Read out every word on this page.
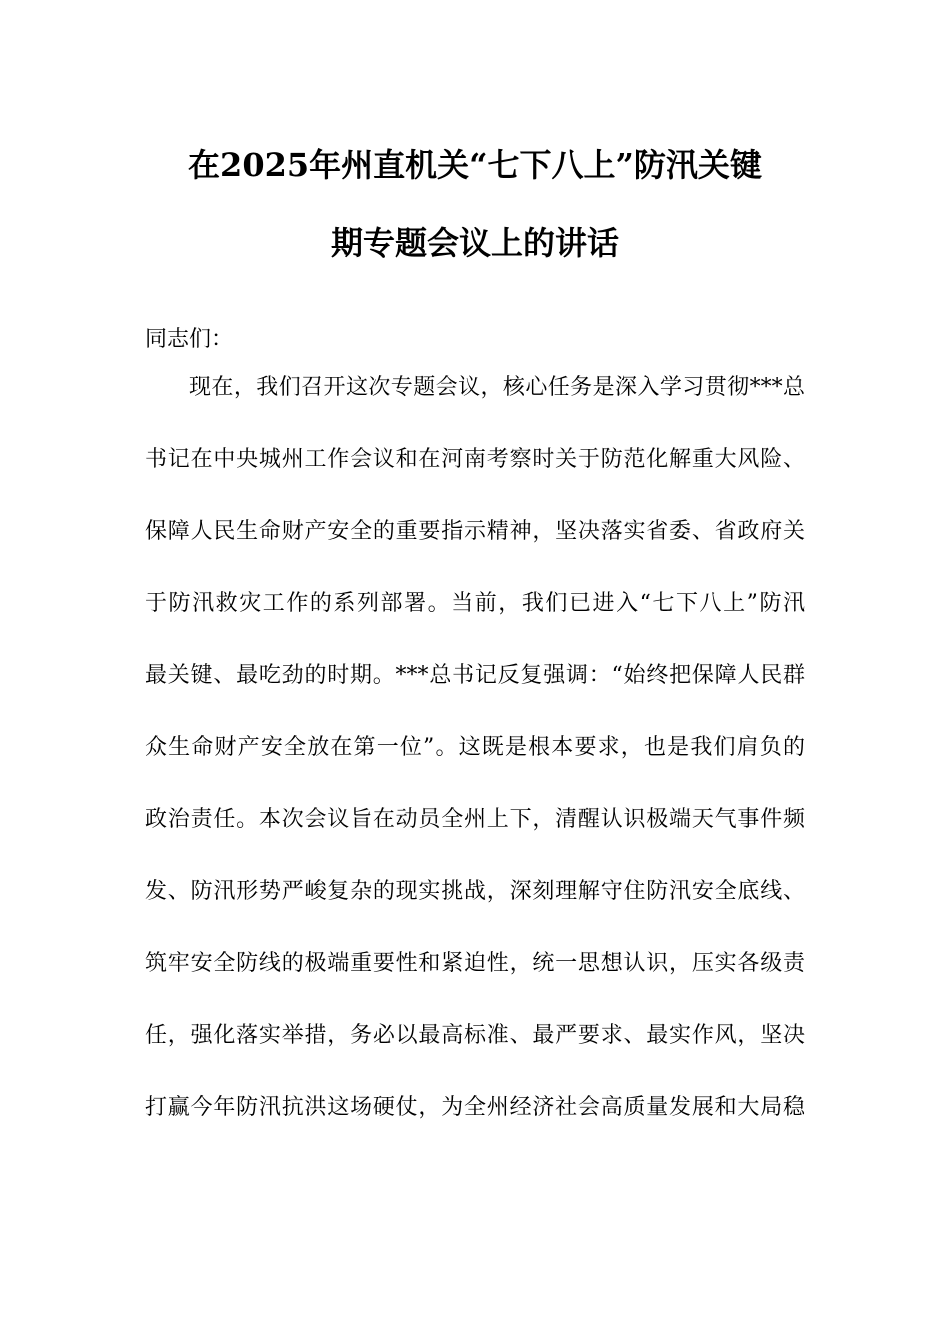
在2025年州直机关“七下八上”防汛关键
期专题会议上的讲话
同志们：
现在，我们召开这次专题会议，核心任务是深入学习贯彻***总
书记在中央城州工作会议和在河南考察时关于防范化解重大风险、
保障人民生命财产安全的重要指示精神，坚决落实省委、省政府关
于防汛救灾工作的系列部署。当前，我们已进入“七下八上”防汛
最关键、最吃劲的时期。***总书记反复强调：“始终把保障人民群
众生命财产安全放在第一位”。这既是根本要求，也是我们肩负的
政治责任。本次会议旨在动员全州上下，清醒认识极端天气事件频
发、防汛形势严峻复杂的现实挑战，深刻理解守住防汛安全底线、
筑牢安全防线的极端重要性和紧迫性，统一思想认识，压实各级责
任，强化落实举措，务必以最高标准、最严要求、最实作风，坚决
打赢今年防汛抗洪这场硬仗，为全州经济社会高质量发展和大局稳
